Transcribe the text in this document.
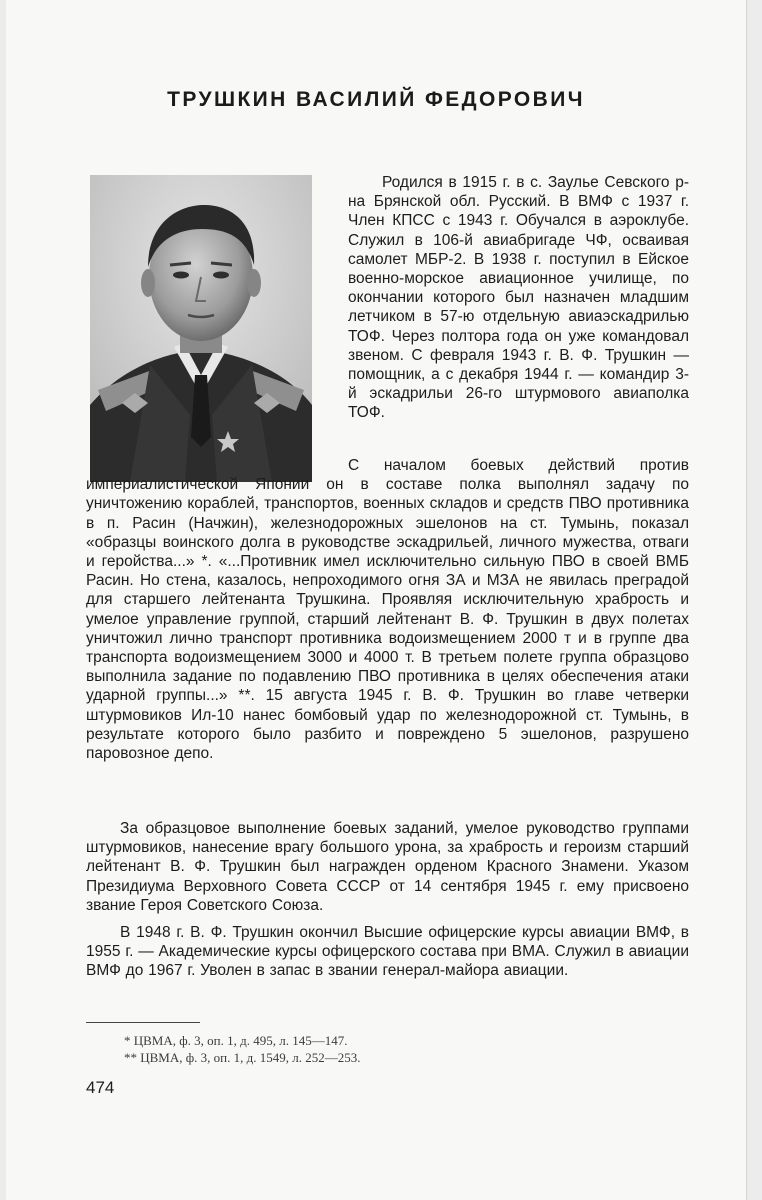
ТРУШКИН ВАСИЛИЙ ФЕДОРОВИЧ

Родился в 1915 г. в с. Заулье Севского р-на Брянской обл. Русский. В ВМФ с 1937 г. Член КПСС с 1943 г. Обучался в аэроклубе. Служил в 106-й авиабригаде ЧФ, осваивая самолет МБР-2. В 1938 г. поступил в Ейское военно-морское авиационное училище, по окончании которого был назначен младшим летчиком в 57-ю отдельную авиаэскадрилью ТОФ. Через полтора года он уже командовал звеном. С февраля 1943 г. В. Ф. Трушкин — помощник, а с декабря 1944 г. — командир 3-й эскадрильи 26-го штурмового авиаполка ТОФ.

С началом боевых действий против империалистической Японии он в составе полка выполнял задачу по уничтожению кораблей, транспортов, военных складов и средств ПВО противника в п. Расин (Начжин), железнодорожных эшелонов на ст. Тумынь, показал «образцы воинского долга в руководстве эскадрильей, личного мужества, отваги и геройства...» *. «...Противник имел исключительно сильную ПВО в своей ВМБ Расин. Но стена, казалось, непроходимого огня ЗА и МЗА не явилась преградой для старшего лейтенанта Трушкина. Проявляя исключительную храбрость и умелое управление группой, старший лейтенант В. Ф. Трушкин в двух полетах уничтожил лично транспорт противника водоизмещением 2000 т и в группе два транспорта водоизмещением 3000 и 4000 т. В третьем полете группа образцово выполнила задание по подавлению ПВО противника в целях обеспечения атаки ударной группы...» **. 15 августа 1945 г. В. Ф. Трушкин во главе четверки штурмовиков Ил-10 нанес бомбовый удар по железнодорожной ст. Тумынь, в результате которого было разбито и повреждено 5 эшелонов, разрушено паровозное депо.

За образцовое выполнение боевых заданий, умелое руководство группами штурмовиков, нанесение врагу большого урона, за храбрость и героизм старший лейтенант В. Ф. Трушкин был награжден орденом Красного Знамени. Указом Президиума Верховного Совета СССР от 14 сентября 1945 г. ему присвоено звание Героя Советского Союза.

В 1948 г. В. Ф. Трушкин окончил Высшие офицерские курсы авиации ВМФ, в 1955 г. — Академические курсы офицерского состава при ВМА. Служил в авиации ВМФ до 1967 г. Уволен в запас в звании генерал-майора авиации.

* ЦВМА, ф. 3, оп. 1, д. 495, л. 145—147.
** ЦВМА, ф. 3, оп. 1, д. 1549, л. 252—253.
474
